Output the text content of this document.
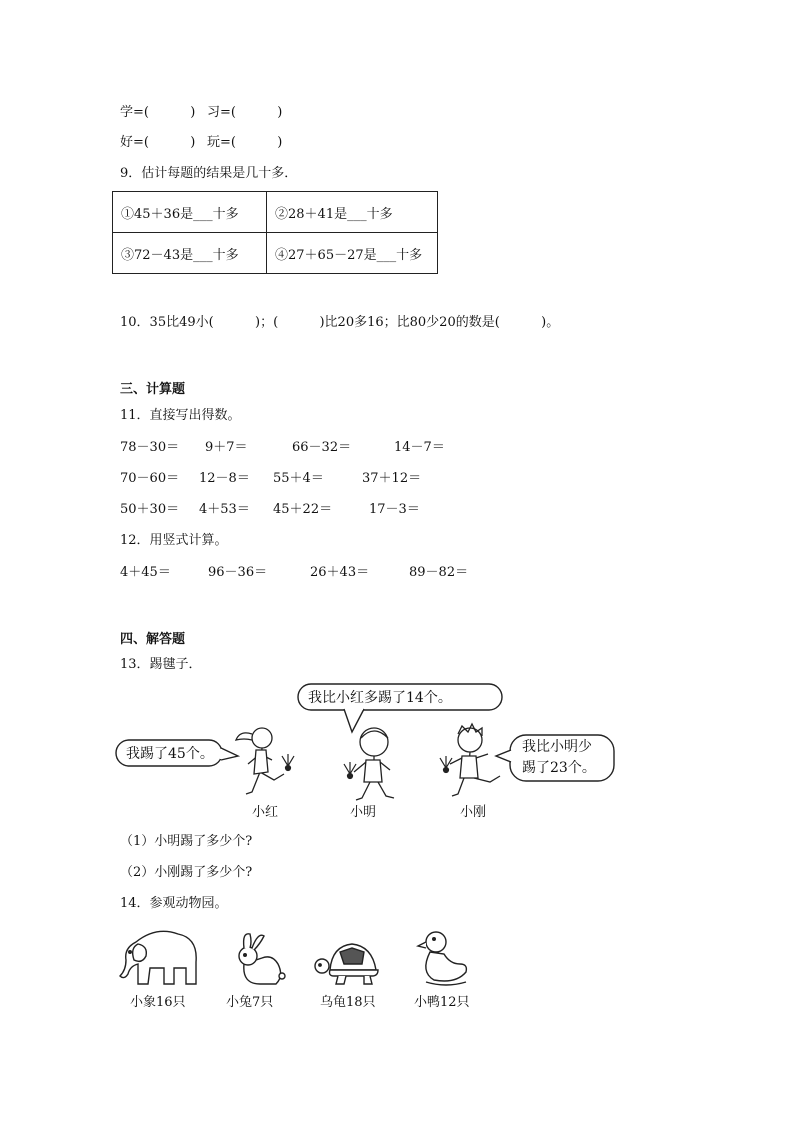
学=(          ) 习=(          )
好=(          ) 玩=(          )
9．估计每题的结果是几十多．
①45＋36是___十多	②28＋41是___十多
③72－43是___十多	④27＋65－27是___十多
10．35比49小(          )；(          )比20多16；比80少20的数是(          )。
三、计算题
11．直接写出得数。
78－30＝ 9＋7＝	66－32＝	14－7＝
70－60＝ 12－8＝ 55＋4＝	37＋12＝
50＋30＝ 4＋53＝ 45＋22＝	17－3＝
12．用竖式计算。
4＋45＝	96－36＝	26＋43＝	89－82＝
四、解答题
13．踢毽子．
我比小红多踢了14个。
我踢了45个。	我比小明少
踢了23个。
小红	小明	小刚
（1）小明踢了多少个?
（2）小刚踢了多少个?
14．参观动物园。
小象16只	小兔7只	乌龟18只	小鸭12只
